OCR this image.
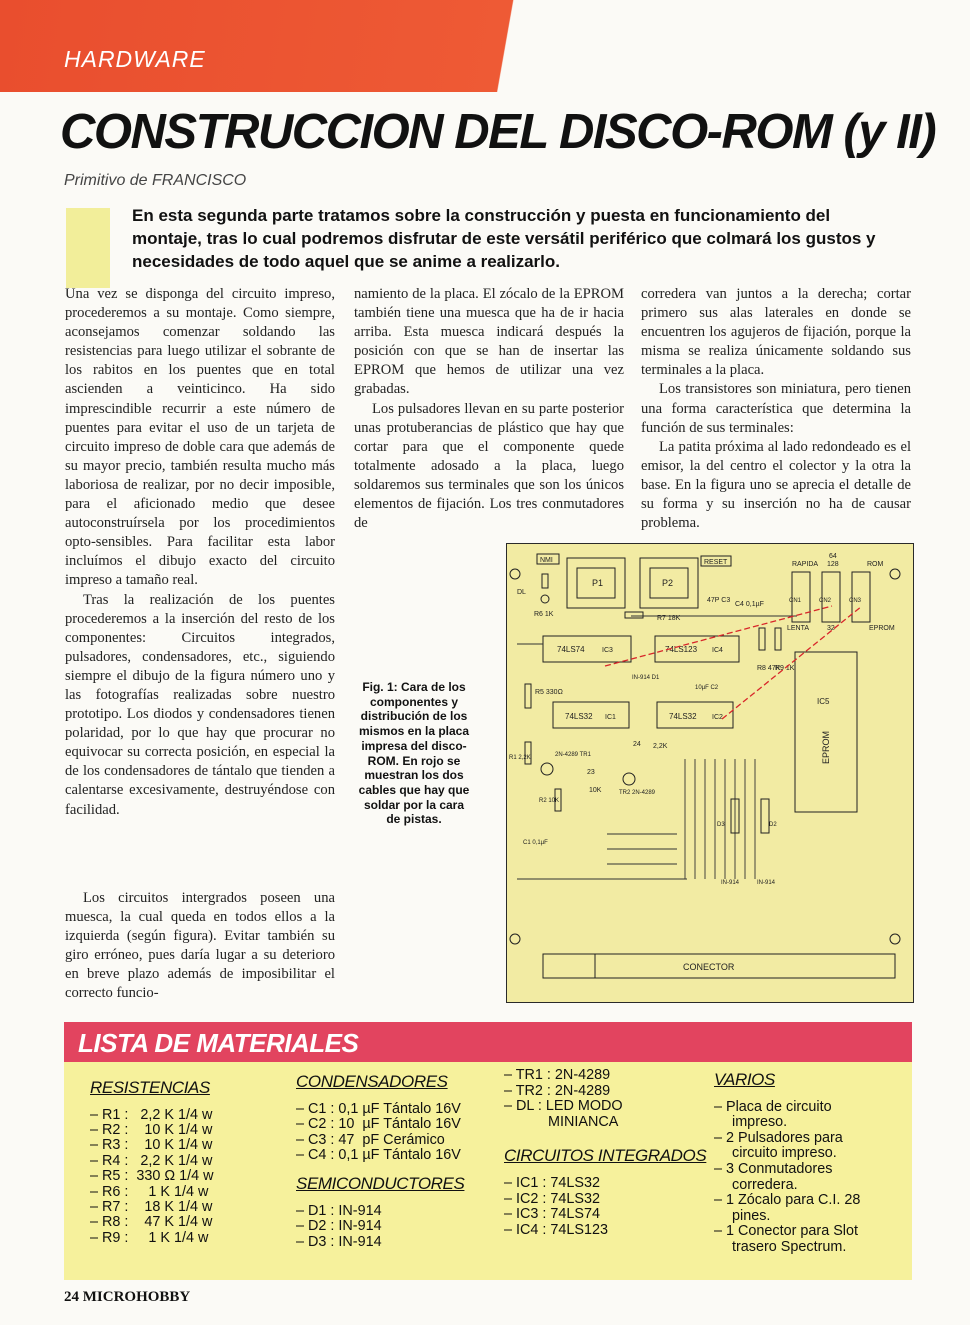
HARDWARE
CONSTRUCCION DEL DISCO-ROM (y II)
Primitivo de FRANCISCO
En esta segunda parte tratamos sobre la construcción y puesta en funcionamiento del montaje, tras lo cual podremos disfrutar de este versátil periférico que colmará los gustos y necesidades de todo aquel que se anime a realizarlo.

Una vez se disponga del circuito impreso, procederemos a su montaje. Como siempre, aconsejamos comenzar soldando las resistencias para luego utilizar el sobrante de los rabitos en los puentes que en total ascienden a veinticinco. Ha sido imprescindible recurrir a este número de puentes para evitar el uso de un tarjeta de circuito impreso de doble cara que además de su mayor precio, también resulta mucho más laboriosa de realizar, por no decir imposible, para el aficionado medio que desee autoconstruírsela por los procedimientos opto-sensibles. Para facilitar esta labor incluímos el dibujo exacto del circuito impreso a tamaño real.

Tras la realización de los puentes procederemos a la inserción del resto de los componentes: Circuitos integrados, pulsadores, condensadores, etc., siguiendo siempre el dibujo de la figura número uno y las fotografías realizadas sobre nuestro prototipo. Los diodos y condensadores tienen polaridad, por lo que hay que procurar no equivocar su correcta posición, en especial la de los condensadores de tántalo que tienden a calentarse excesivamente, destruyéndose con facilidad.

Los circuitos intergrados poseen una muesca, la cual queda en todos ellos a la izquierda (según figura). Evitar también su giro erróneo, pues daría lugar a su deterioro en breve plazo además de imposibilitar el correcto funcio-

namiento de la placa. El zócalo de la EPROM también tiene una muesca que ha de ir hacia arriba. Esta muesca indicará después la posición con que se han de insertar las EPROM que hemos de utilizar una vez grabadas.

Los pulsadores llevan en su parte posterior unas protuberancias de plástico que hay que cortar para que el componente quede totalmente adosado a la placa, luego soldaremos sus terminales que son los únicos elementos de fijación. Los tres conmutadores de

corredera van juntos a la derecha; cortar primero sus alas laterales en donde se encuentren los agujeros de fijación, porque la misma se realiza únicamente soldando sus terminales a la placa.

Los transistores son miniatura, pero tienen una forma característica que determina la función de sus terminales:

La patita próxima al lado redondeado es el emisor, la del centro el colector y la otra la base. En la figura uno se aprecia el detalle de su forma y su inserción no ha de causar problema.

Fig. 1: Cara de los componentes y distribución de los mismos en la placa impresa del disco-ROM. En rojo se muestran los dos cables que hay que soldar por la cara de pistas.
NMI
DL
P1	P2
R6 1K
R7 18K
RESET
47P C3
C4 0,1µF
RAPIDA
64
128	ROM
CN1	CN2	CN3
LENTA	32	EPROM
74LS74 IC3	74LS123 IC4
R8 47K
R9 1K
R5 330Ω
74LS32 IC1	74LS32 IC2
IN-914 D1
10µF C2
R1 2,2K	2N-4289 TR1
24 2,2K
23
10K	TR2 2N-4289
R2 10K
C1 0,1µF
D3	D2
IN-914	IN-914
IC5
EPROM
CONECTOR
LISTA DE MATERIALES
RESISTENCIAS
– R1 :   2,2 K 1/4 w
– R2 :    10 K 1/4 w
– R3 :    10 K 1/4 w
– R4 :   2,2 K 1/4 w
– R5 :  330 Ω 1/4 w
– R6 :     1 K 1/4 w
– R7 :    18 K 1/4 w
– R8 :    47 K 1/4 w
– R9 :     1 K 1/4 w
CONDENSADORES
– C1 : 0,1 µF Tántalo 16V
– C2 : 10  µF Tántalo 16V
– C3 : 47  pF Cerámico
– C4 : 0,1 µF Tántalo 16V
SEMICONDUCTORES
– D1 : IN-914
– D2 : IN-914
– D3 : IN-914
– TR1 : 2N-4289
– TR2 : 2N-4289
– DL : LED MODO
MINIANCA
CIRCUITOS INTEGRADOS
– IC1 : 74LS32
– IC2 : 74LS32
– IC3 : 74LS74
– IC4 : 74LS123
VARIOS
– Placa de circuito impreso.
– 2 Pulsadores para circuito impreso.
– 3 Conmutadores corredera.
– 1 Zócalo para C.I. 28 pines.
– 1 Conector para Slot trasero Spectrum.
24 MICROHOBBY
